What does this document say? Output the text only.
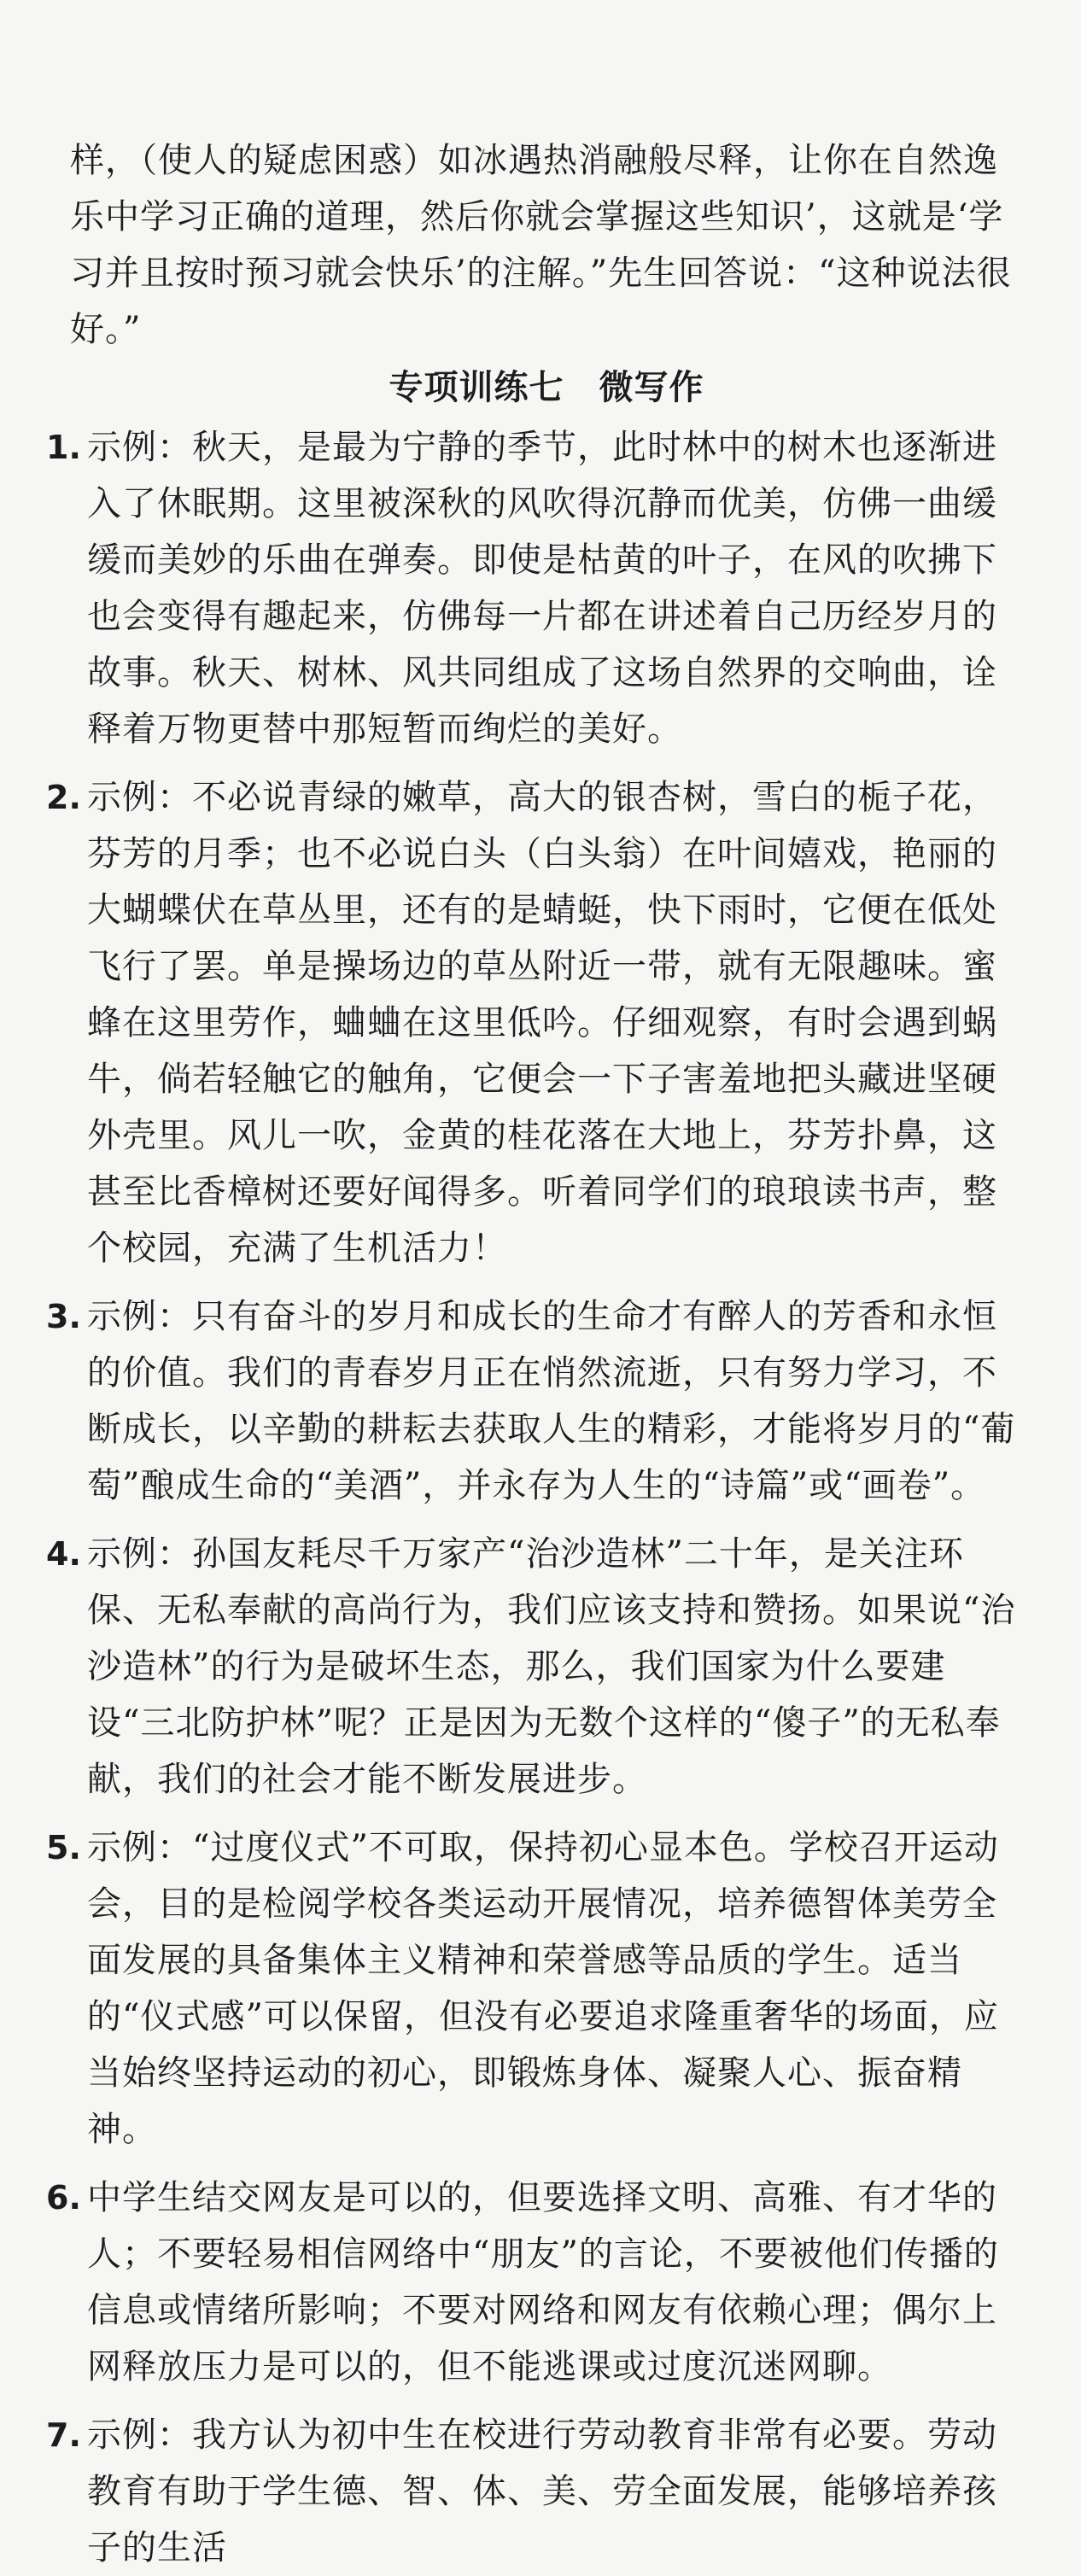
样，（使人的疑虑困惑）如冰遇热消融般尽释，让你在自然逸乐中学习正确的道理，然后你就会掌握这些知识’，这就是‘学习并且按时预习就会快乐’的注解。”先生回答说：“这种说法很好。”

专项训练七　微写作
1. 示例：秋天，是最为宁静的季节，此时林中的树木也逐渐进入了休眠期。这里被深秋的风吹得沉静而优美，仿佛一曲缓缓而美妙的乐曲在弹奏。即使是枯黄的叶子，在风的吹拂下也会变得有趣起来，仿佛每一片都在讲述着自己历经岁月的故事。秋天、树林、风共同组成了这场自然界的交响曲，诠释着万物更替中那短暂而绚烂的美好。

2. 示例：不必说青绿的嫩草，高大的银杏树，雪白的栀子花，芬芳的月季；也不必说白头（白头翁）在叶间嬉戏，艳丽的大蝴蝶伏在草丛里，还有的是蜻蜓，快下雨时，它便在低处飞行了罢。单是操场边的草丛附近一带，就有无限趣味。蜜蜂在这里劳作，蛐蛐在这里低吟。仔细观察，有时会遇到蜗牛，倘若轻触它的触角，它便会一下子害羞地把头藏进坚硬外壳里。风儿一吹，金黄的桂花落在大地上，芬芳扑鼻，这甚至比香樟树还要好闻得多。听着同学们的琅琅读书声，整个校园，充满了生机活力！

3. 示例：只有奋斗的岁月和成长的生命才有醉人的芳香和永恒的价值。我们的青春岁月正在悄然流逝，只有努力学习，不断成长，以辛勤的耕耘去获取人生的精彩，才能将岁月的“葡萄”酿成生命的“美酒”，并永存为人生的“诗篇”或“画卷”。

4. 示例：孙国友耗尽千万家产“治沙造林”二十年，是关注环保、无私奉献的高尚行为，我们应该支持和赞扬。如果说“治沙造林”的行为是破坏生态，那么，我们国家为什么要建设“三北防护林”呢？正是因为无数个这样的“傻子”的无私奉献，我们的社会才能不断发展进步。

5. 示例：“过度仪式”不可取，保持初心显本色。学校召开运动会，目的是检阅学校各类运动开展情况，培养德智体美劳全面发展的具备集体主义精神和荣誉感等品质的学生。适当的“仪式感”可以保留，但没有必要追求隆重奢华的场面，应当始终坚持运动的初心，即锻炼身体、凝聚人心、振奋精神。

6. 中学生结交网友是可以的，但要选择文明、高雅、有才华的人；不要轻易相信网络中“朋友”的言论，不要被他们传播的信息或情绪所影响；不要对网络和网友有依赖心理；偶尔上网释放压力是可以的，但不能逃课或过度沉迷网聊。

7. 示例：我方认为初中生在校进行劳动教育非常有必要。劳动教育有助于学生德、智、体、美、劳全面发展，能够培养孩子的生活
